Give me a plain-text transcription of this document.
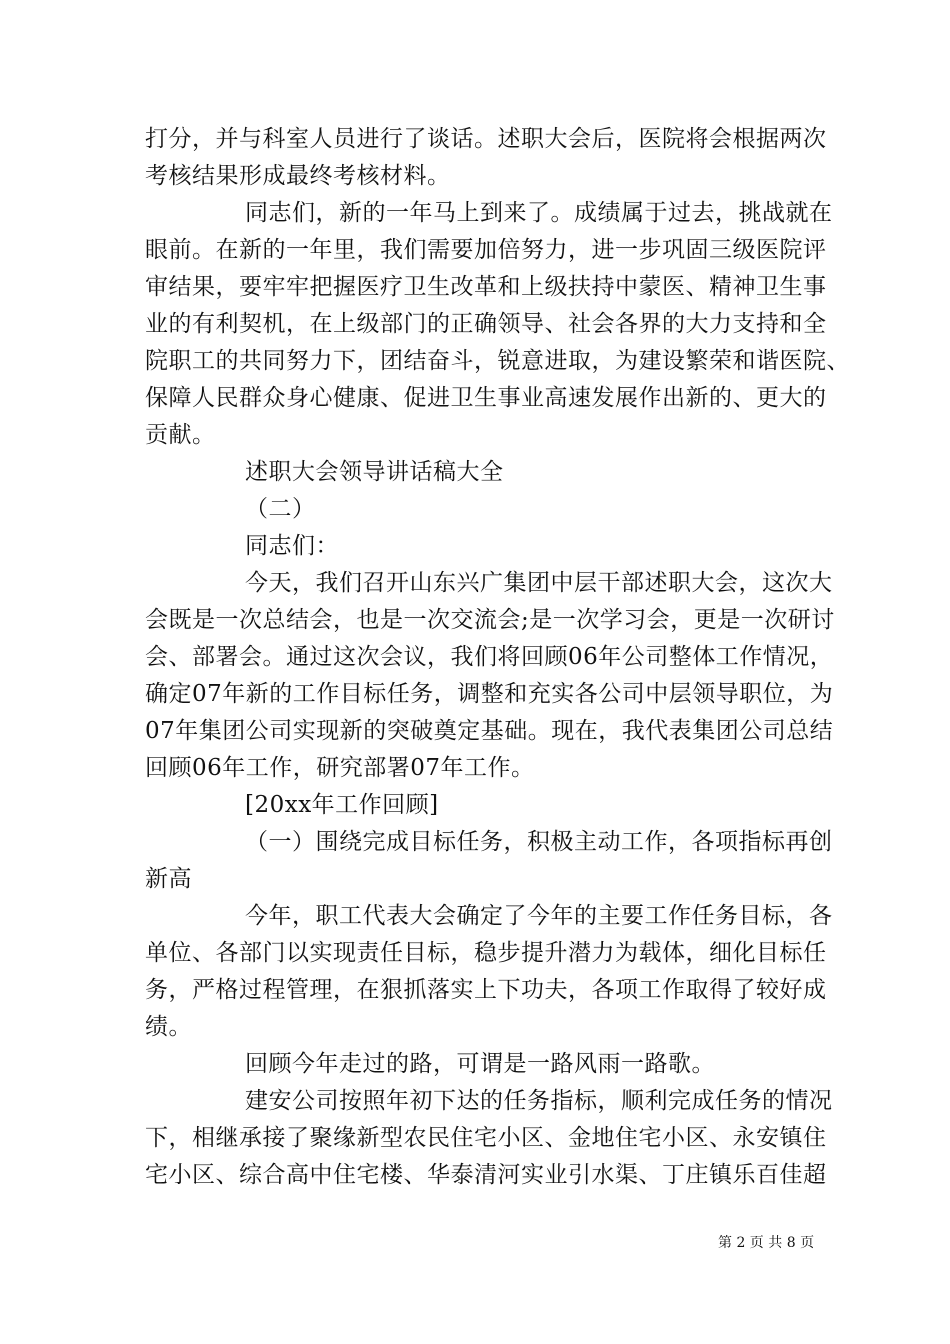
打分，并与科室人员进行了谈话。述职大会后，医院将会根据两次
考核结果形成最终考核材料。
同志们，新的一年马上到来了。成绩属于过去，挑战就在
眼前。在新的一年里，我们需要加倍努力，进一步巩固三级医院评
审结果，要牢牢把握医疗卫生改革和上级扶持中蒙医、精神卫生事
业的有利契机，在上级部门的正确领导、社会各界的大力支持和全
院职工的共同努力下，团结奋斗，锐意进取，为建设繁荣和谐医院、
保障人民群众身心健康、促进卫生事业高速发展作出新的、更大的
贡献。
述职大会领导讲话稿大全
（二）
同志们：
今天，我们召开山东兴广集团中层干部述职大会，这次大
会既是一次总结会，也是一次交流会;是一次学习会，更是一次研讨
会、部署会。通过这次会议，我们将回顾06年公司整体工作情况，
确定07年新的工作目标任务，调整和充实各公司中层领导职位，为
07年集团公司实现新的突破奠定基础。现在，我代表集团公司总结
回顾06年工作，研究部署07年工作。
[20xx年工作回顾]
（一）围绕完成目标任务，积极主动工作，各项指标再创
新高
今年，职工代表大会确定了今年的主要工作任务目标，各
单位、各部门以实现责任目标，稳步提升潜力为载体，细化目标任
务，严格过程管理，在狠抓落实上下功夫，各项工作取得了较好成
绩。
回顾今年走过的路，可谓是一路风雨一路歌。
建安公司按照年初下达的任务指标，顺利完成任务的情况
下，相继承接了聚缘新型农民住宅小区、金地住宅小区、永安镇住
宅小区、综合高中住宅楼、华泰清河实业引水渠、丁庄镇乐百佳超
第 2 页 共 8 页
